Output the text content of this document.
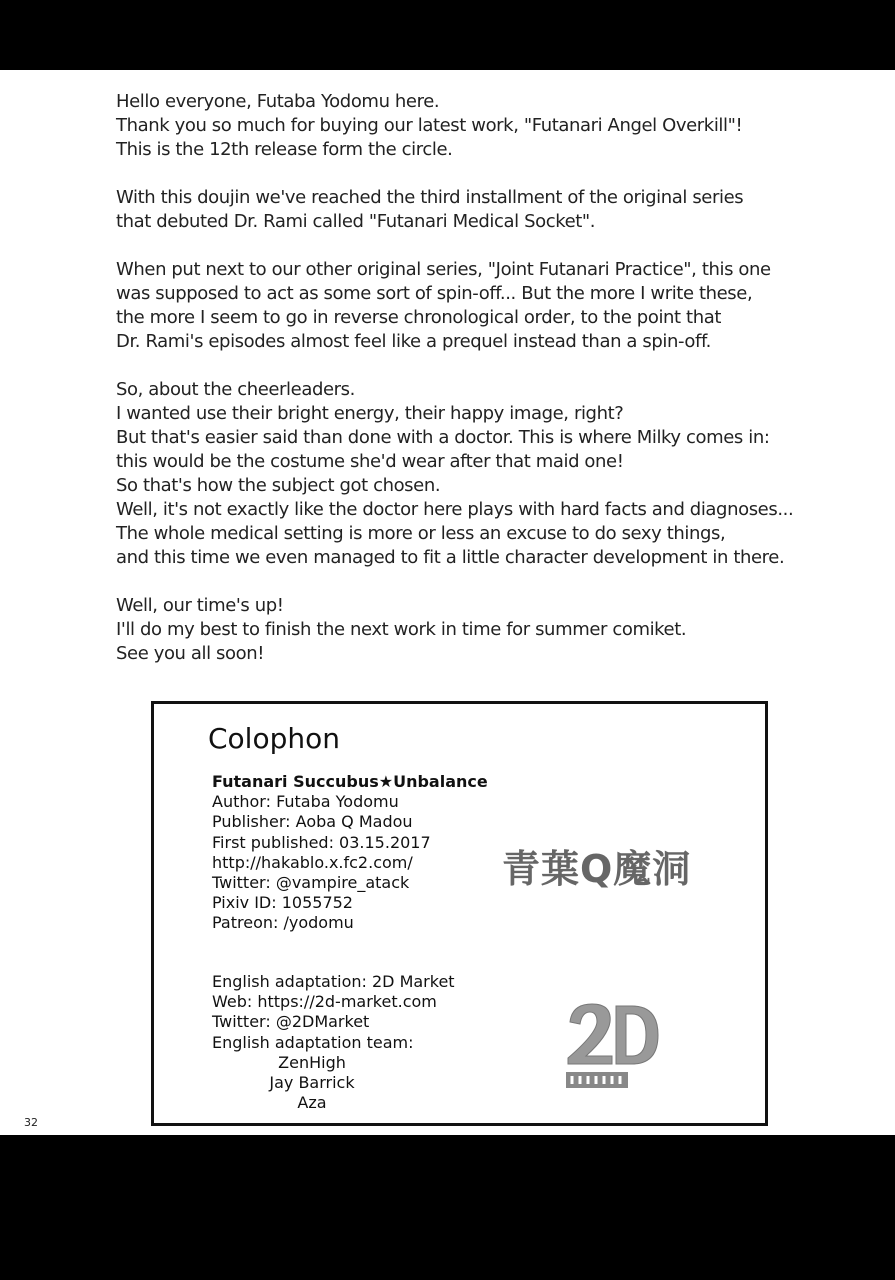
Hello everyone, Futaba Yodomu here.
Thank you so much for buying our latest work, "Futanari Angel Overkill"!
This is the 12th release form the circle.

With this doujin we've reached the third installment of the original series
that debuted Dr. Rami called "Futanari Medical Socket".

When put next to our other original series, "Joint Futanari Practice", this one
was supposed to act as some sort of spin-off... But the more I write these,
the more I seem to go in reverse chronological order, to the point that
Dr. Rami's episodes almost feel like a prequel instead than a spin-off.

So, about the cheerleaders.
I wanted use their bright energy, their happy image, right?
But that's easier said than done with a doctor. This is where Milky comes in:
this would be the costume she'd wear after that maid one!
So that's how the subject got chosen.
Well, it's not exactly like the doctor here plays with hard facts and diagnoses...
The whole medical setting is more or less an excuse to do sexy things,
and this time we even managed to fit a little character development in there.

Well, our time's up!
I'll do my best to finish the next work in time for summer comiket.
See you all soon!

Colophon
Futanari Succubus★Unbalance
Author: Futaba Yodomu
Publisher: Aoba Q Madou
First published: 03.15.2017
http://hakablo.x.fc2.com/
Twitter: @vampire_atack
Pixiv ID: 1055752
Patreon: /yodomu
English adaptation: 2D Market
Web: https://2d-market.com
Twitter: @2DMarket
English adaptation team:
ZenHigh
Jay Barrick
Aza
青葉Q魔洞
32
